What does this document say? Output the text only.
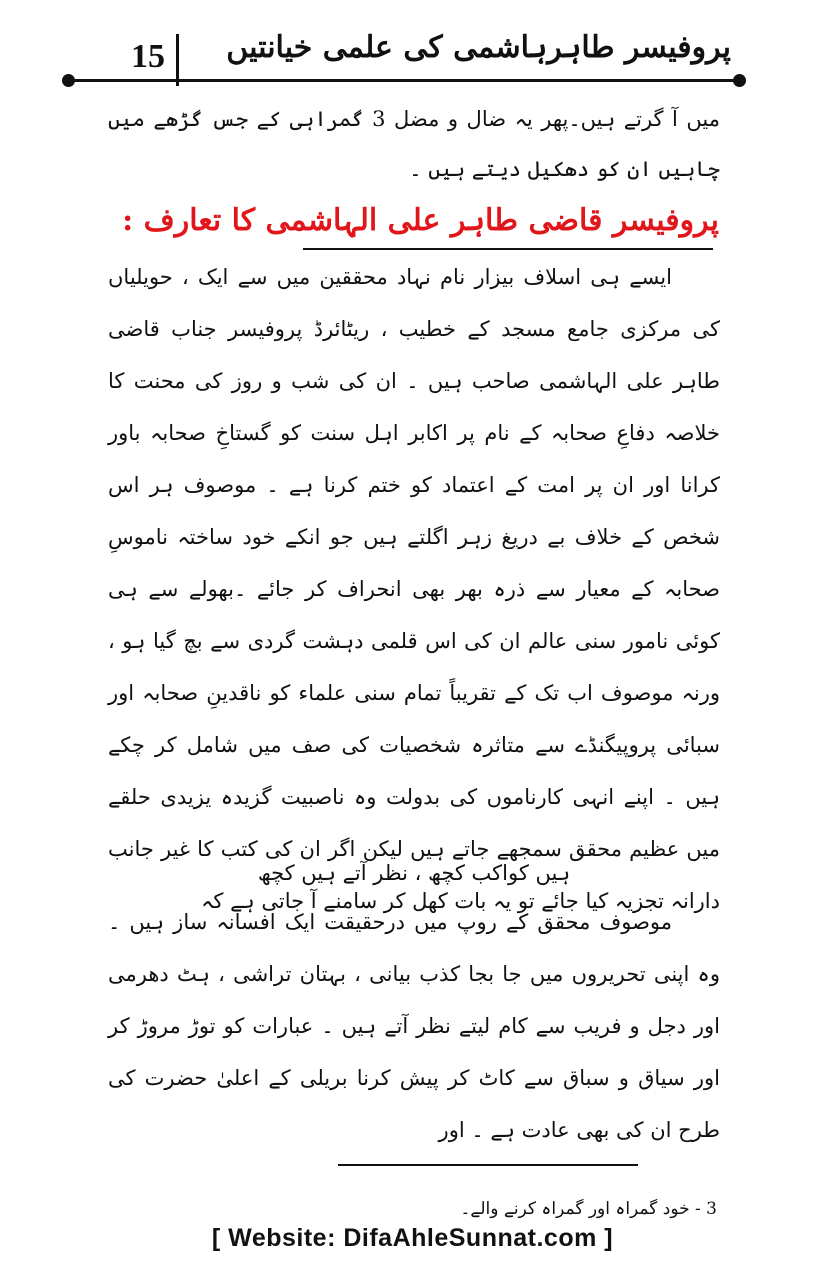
15 پروفیسر طاہرہاشمی کی علمی خیانتیں
میں آ گرتے ہیں۔پھر یہ ضال و مضل 3 گمراہی کے جس گڑھے میں چاہیں ان کو دھکیل دیتے ہیں ۔
پروفیسر قاضی طاہر علی الہاشمی کا تعارف :
ایسے ہی اسلاف بیزار نام نہاد محققین میں سے ایک ، حویلیاں کی مرکزی جامع مسجد کے خطیب ، ریٹائرڈ پروفیسر جناب قاضی طاہر علی الہاشمی صاحب ہیں ۔ ان کی شب و روز کی محنت کا خلاصہ دفاعِ صحابہ کے نام پر اکابر اہل سنت کو گستاخِ صحابہ باور کرانا اور ان پر امت کے اعتماد کو ختم کرنا ہے ۔ موصوف ہر اس شخص کے خلاف بے دریغ زہر اگلتے ہیں جو انکے خود ساختہ ناموسِ صحابہ کے معیار سے ذرہ بھر بھی انحراف کر جائے ۔بھولے سے ہی کوئی نامور سنی عالم ان کی اس قلمی دہشت گردی سے بچ گیا ہو ، ورنہ موصوف اب تک کے تقریباً تمام سنی علماء کو ناقدینِ صحابہ اور سبائی پروپیگنڈے سے متاثرہ شخصیات کی صف میں شامل کر چکے ہیں ۔ اپنے انہی کارناموں کی بدولت وہ ناصبیت گزیدہ یزیدی حلقے میں عظیم محقق سمجھے جاتے ہیں لیکن اگر ان کی کتب کا غیر جانب دارانہ تجزیہ کیا جائے تو یہ بات کھل کر سامنے آ جاتی ہے کہ
ہیں کواکب کچھ ، نظر آتے ہیں کچھ
موصوف محقق کے روپ میں درحقیقت ایک افسانہ ساز ہیں ۔ وہ اپنی تحریروں میں جا بجا کذب بیانی ، بہتان تراشی ، ہٹ دھرمی اور دجل و فریب سے کام لیتے نظر آتے ہیں ۔ عبارات کو توڑ مروڑ کر اور سیاق و سباق سے کاٹ کر پیش کرنا بریلی کے اعلیٰ حضرت کی طرح ان کی بھی عادت ہے ۔ اور
3 - خود گمراہ اور گمراہ کرنے والے۔
[ Website: DifaAhleSunnat.com ]
